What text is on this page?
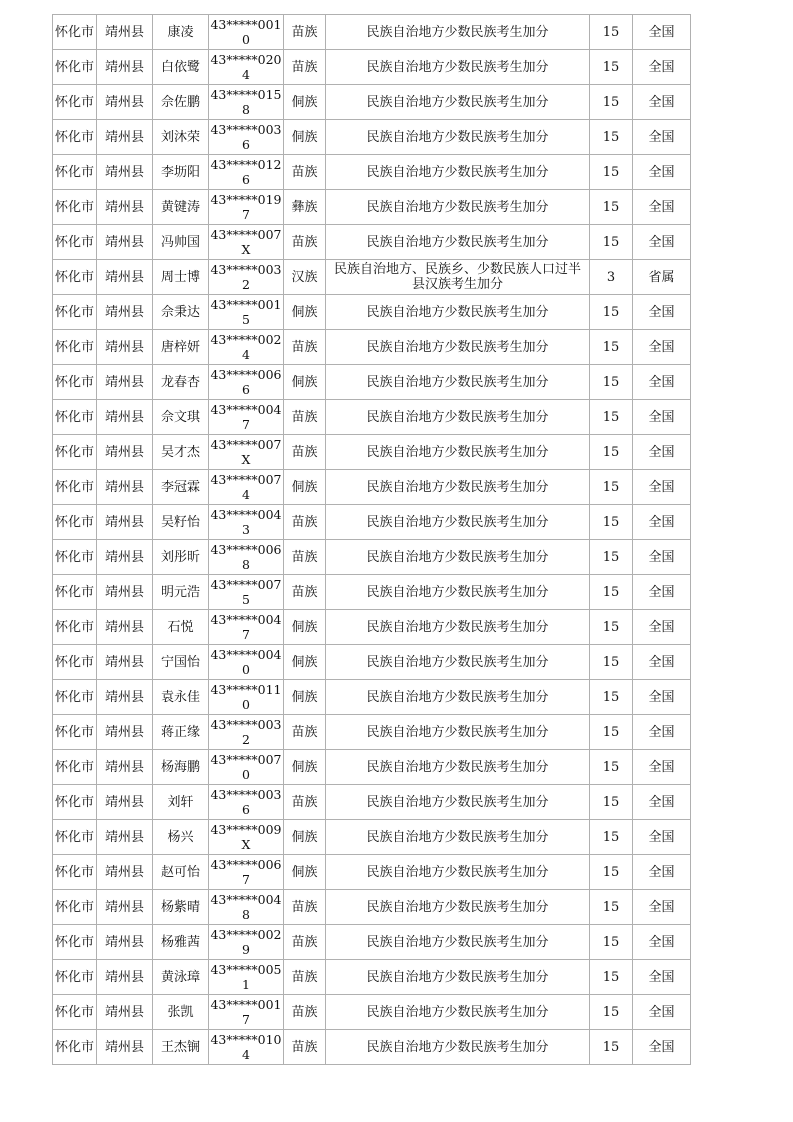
怀化市	靖州县	康凌	43*****0010	苗族	民族自治地方少数民族考生加分	15	全国
怀化市	靖州县	白依鹭	43*****0204	苗族	民族自治地方少数民族考生加分	15	全国
怀化市	靖州县	佘佐鹏	43*****0158	侗族	民族自治地方少数民族考生加分	15	全国
怀化市	靖州县	刘沐荣	43*****0036	侗族	民族自治地方少数民族考生加分	15	全国
怀化市	靖州县	李坜阳	43*****0126	苗族	民族自治地方少数民族考生加分	15	全国
怀化市	靖州县	黄键涛	43*****0197	彝族	民族自治地方少数民族考生加分	15	全国
怀化市	靖州县	冯帅国	43*****007X	苗族	民族自治地方少数民族考生加分	15	全国
怀化市	靖州县	周士博	43*****0032	汉族	民族自治地方、民族乡、少数民族人口过半县汉族考生加分	3	省属
怀化市	靖州县	佘秉达	43*****0015	侗族	民族自治地方少数民族考生加分	15	全国
怀化市	靖州县	唐梓妍	43*****0024	苗族	民族自治地方少数民族考生加分	15	全国
怀化市	靖州县	龙春杏	43*****0066	侗族	民族自治地方少数民族考生加分	15	全国
怀化市	靖州县	佘文琪	43*****0047	苗族	民族自治地方少数民族考生加分	15	全国
怀化市	靖州县	吴才杰	43*****007X	苗族	民族自治地方少数民族考生加分	15	全国
怀化市	靖州县	李冠霖	43*****0074	侗族	民族自治地方少数民族考生加分	15	全国
怀化市	靖州县	吴籽怡	43*****0043	苗族	民族自治地方少数民族考生加分	15	全国
怀化市	靖州县	刘彤昕	43*****0068	苗族	民族自治地方少数民族考生加分	15	全国
怀化市	靖州县	明元浩	43*****0075	苗族	民族自治地方少数民族考生加分	15	全国
怀化市	靖州县	石悦	43*****0047	侗族	民族自治地方少数民族考生加分	15	全国
怀化市	靖州县	宁国怡	43*****0040	侗族	民族自治地方少数民族考生加分	15	全国
怀化市	靖州县	袁永佳	43*****0110	侗族	民族自治地方少数民族考生加分	15	全国
怀化市	靖州县	蒋正缘	43*****0032	苗族	民族自治地方少数民族考生加分	15	全国
怀化市	靖州县	杨海鹏	43*****0070	侗族	民族自治地方少数民族考生加分	15	全国
怀化市	靖州县	刘轩	43*****0036	苗族	民族自治地方少数民族考生加分	15	全国
怀化市	靖州县	杨兴	43*****009X	侗族	民族自治地方少数民族考生加分	15	全国
怀化市	靖州县	赵可怡	43*****0067	侗族	民族自治地方少数民族考生加分	15	全国
怀化市	靖州县	杨紫晴	43*****0048	苗族	民族自治地方少数民族考生加分	15	全国
怀化市	靖州县	杨雅茜	43*****0029	苗族	民族自治地方少数民族考生加分	15	全国
怀化市	靖州县	黄泳璋	43*****0051	苗族	民族自治地方少数民族考生加分	15	全国
怀化市	靖州县	张凯	43*****0017	苗族	民族自治地方少数民族考生加分	15	全国
怀化市	靖州县	王杰锎	43*****0104	苗族	民族自治地方少数民族考生加分	15	全国
